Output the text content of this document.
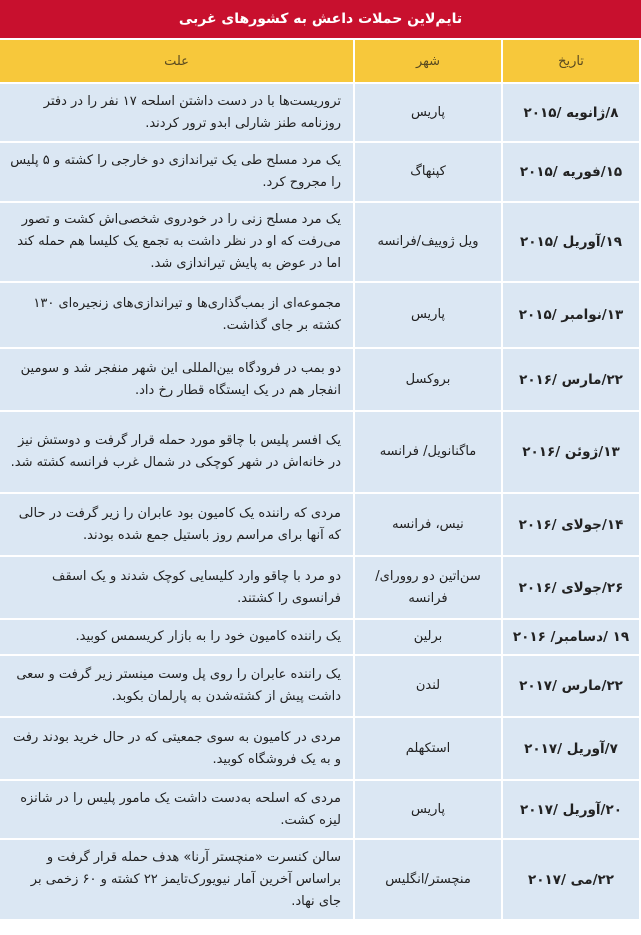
تایم‌لاین حملات داعش به کشورهای غربی
تاریخ	شهر	علت
۸/ژانویه /۲۰۱۵	پاریس	تروریست‌ها با در دست داشتن اسلحه ۱۷ نفر را در دفتر روزنامه طنز شارلی ابدو ترور کردند.
۱۵/فوریه /۲۰۱۵	کپنهاگ	یک مرد مسلح طی یک تیراندازی دو خارجی را کشته و ۵ پلیس را مجروح کرد.
۱۹/آوریل /۲۰۱۵	ویل ژوییف/فرانسه	یک مرد مسلح زنی را در خودروی شخصی‌اش کشت و تصور می‌رفت که او در نظر داشت به تجمع یک کلیسا هم حمله کند اما در عوض به پایش تیراندازی شد.
۱۳/نوامبر /۲۰۱۵	پاریس	مجموعه‌ای از بمب‌گذاری‌ها و تیراندازی‌های زنجیره‌ای ۱۳۰ کشته بر جای گذاشت.
۲۲/مارس /۲۰۱۶	بروکسل	دو بمب در فرودگاه بین‌المللی این شهر منفجر شد و سومین انفجار هم در یک ایستگاه قطار رخ داد.
۱۳/ژوئن /۲۰۱۶	ماگنانویل/ فرانسه	یک افسر پلیس با چاقو مورد حمله قرار گرفت و دوستش نیز در خانه‌اش در شهر کوچکی در شمال غرب فرانسه کشته شد.
۱۴/جولای /۲۰۱۶	نیس، فرانسه	مردی که راننده یک کامیون بود عابران را زیر گرفت در حالی که آنها برای مراسم روز باستیل جمع شده بودند.
۲۶/جولای /۲۰۱۶	سن‌اتین دو روورای/ فرانسه	دو مرد با چاقو وارد کلیسایی کوچک شدند و یک اسقف فرانسوی را کشتند.
۱۹ /دسامبر/ ۲۰۱۶	برلین	یک راننده کامیون خود را به بازار کریسمس کوبید.
۲۲/مارس /۲۰۱۷	لندن	یک راننده عابران را روی پل وست مینستر زیر گرفت و سعی داشت پیش از کشته‌شدن به پارلمان بکوبد.
۷/آوریل /۲۰۱۷	استکهلم	مردی در کامیون به سوی جمعیتی که در حال خرید بودند رفت و به یک فروشگاه کوبید.
۲۰/آوریل /۲۰۱۷	پاریس	مردی که اسلحه به‌دست داشت یک مامور پلیس را در شانزه لیزه کشت.
۲۲/می /۲۰۱۷	منچستر/انگلیس	سالن کنسرت «منچستر آرنا» هدف حمله قرار گرفت و براساس آخرین آمار نیویورک‌تایمز ۲۲ کشته و ۶۰ زخمی بر جای نهاد.
